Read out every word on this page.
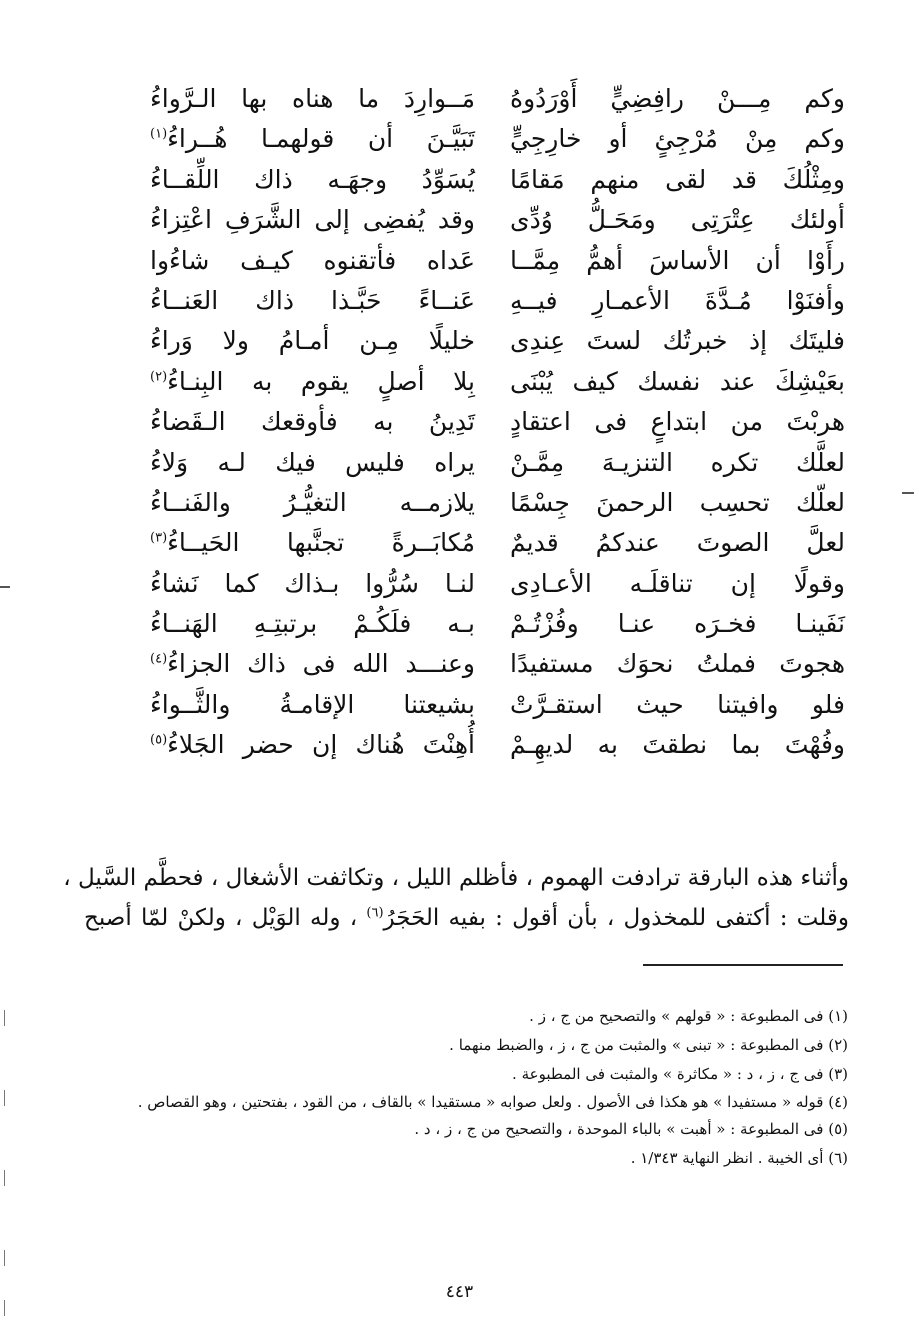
وكم مِـــنْ رافِضِيٍّ أَوْرَدُوهُ
مَــوارِدَ ما هناه بها الـرَّواءُ
وكم مِنْ مُرْجِئٍ أو خارِجِيٍّ
تَبَيَّـنَ أن قولهمـا هُــراءُ$^{(١)}$
ومِثْلُكَ قد لقى منهم مَقامًا
يُسَوِّدُ وجهَـه ذاك اللِّقــاءُ
أولئك عِتْرَتِى ومَحَـلُّ وُدِّى
وقد يُفضِى إلى الشَّرَفِ اعْتِزاءُ
رأَوْا أن الأساسَ أهمُّ مِمَّــا
عَداه فأتقنوه كيـف شاءُوا
وأفنَوْا مُـدَّةَ الأعمـارِ فيــهِ
عَنــاءً حَبَّـذا ذاك العَنــاءُ
فليتَك إذ خبرتُك لستَ عِندِى
خليلًا مِـن أمـامُ ولا وَراءُ
بعَيْشِكَ عند نفسك كيف يُبْنَى
بِلا أصلٍ يقوم به البِنـاءُ$^{(٢)}$
هربْتَ من ابتداعٍ فى اعتقادٍ
تَدِينُ به فأوقعك الـقَضاءُ
لعلَّك تكره التنزيـهَ مِمَّـنْ
يراه فليس فيك لـه وَلاءُ
لعلّك تحسِب الرحمنَ جِسْمًا
يلازمــه التغيُّـرُ والفَنــاءُ
لعلَّ الصوتَ عندكمُ قديمٌ
مُكابَــرةً تجنَّبها الحَيــاءُ$^{(٣)}$
وقولًا إن تناقلَـه الأعـادِى
لنـا سُرُّوا بـذاك كما نَشاءُ
نَفَينـا فخـرَه عنـا وفُزْتُـمْ
بـه فلَكُـمْ برتبتِـهِ الهَنــاءُ
هجوتَ فملتُ نحوَك مستفيدًا
وعنـــد الله فى ذاك الجزاءُ$^{(٤)}$
فلو وافيتنا حيث استقـرَّتْ
بشيعتنا الإقامـةُ والثَّــواءُ
وفُهْتَ بما نطقتَ به لديهِـمْ
أُهِنْتَ هُناك إن حضر الجَلاءُ$^{(٥)}$

وأثناء هذه البارقة ترادفت الهموم ، فأظلم الليل ، وتكاثفت الأشغال ، فحطَّم السَّيل ،

وقلت : أكتفى للمخذول ، بأن أقول : بفيه الحَجَرُ$^{(٦)}$ ، وله الوَيْل ، ولكنْ لمّا أصبح

(١) فى المطبوعة : « قولهم » والتصحيح من ج ، ز .

(٢) فى المطبوعة : « تبنى » والمثبت من ج ، ز ، والضبط منهما .

(٣) فى ج ، ز ، د : « مكاثرة » والمثبت فى المطبوعة .

(٤) قوله « مستفيدا » هو هكذا فى الأصول . ولعل صوابه « مستقيدا » بالقاف ، من القود ، بفتحتين ، وهو القصاص .

(٥) فى المطبوعة : « أهبت » بالباء الموحدة ، والتصحيح من ج ، ز ، د .

(٦) أى الخيبة . انظر النهاية ١/٣٤٣ .

٤٤٣
